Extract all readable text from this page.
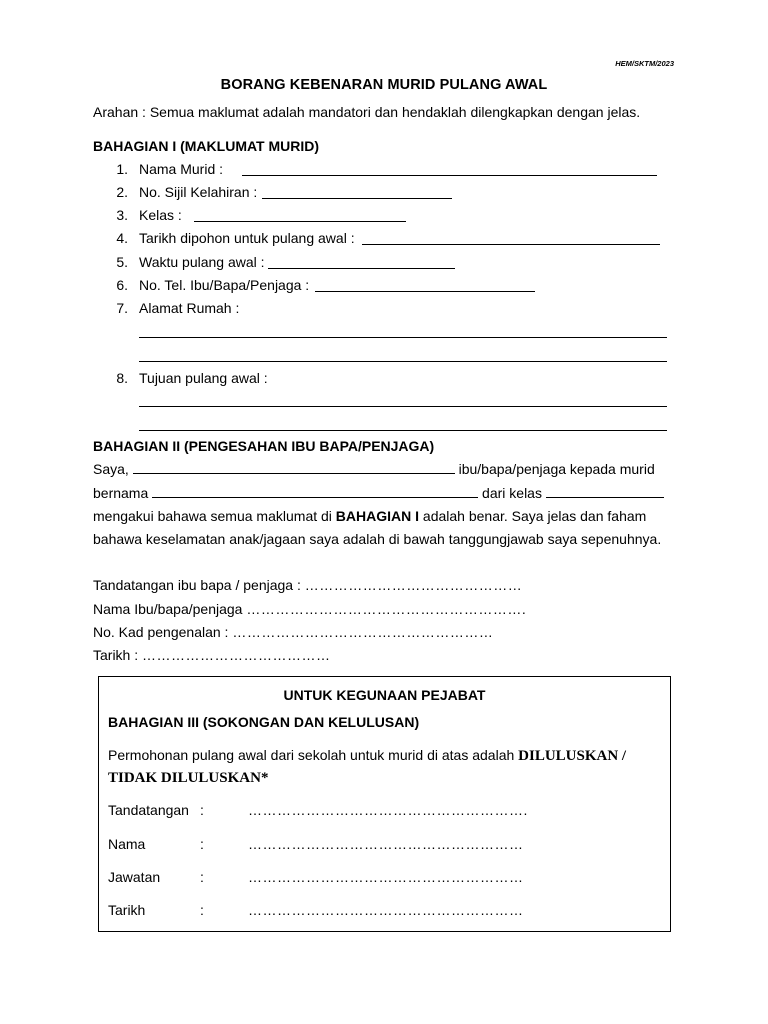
HEM/SKTM/2023
BORANG KEBENARAN MURID PULANG AWAL
Arahan : Semua maklumat adalah mandatori dan hendaklah dilengkapkan dengan jelas.
BAHAGIAN I (MAKLUMAT MURID)
1. Nama Murid :
2. No. Sijil Kelahiran :
3. Kelas :
4. Tarikh dipohon untuk pulang awal :
5. Waktu pulang awal :
6. No. Tel. Ibu/Bapa/Penjaga :
7. Alamat Rumah :
8. Tujuan pulang awal :
BAHAGIAN II (PENGESAHAN IBU BAPA/PENJAGA)
Saya,	ibu/bapa/penjaga kepada murid
bernama	dari kelas
mengakui bahawa semua maklumat di BAHAGIAN I adalah benar. Saya jelas dan faham
bahawa keselamatan anak/jagaan saya adalah di bawah tanggungjawab saya sepenuhnya.
Tandatangan ibu bapa / penjaga : ………………………………………
Nama Ibu/bapa/penjaga ………………………………………………….
No. Kad pengenalan : ………………………………………………
Tarikh : …………………………………
UNTUK KEGUNAAN PEJABAT
BAHAGIAN III (SOKONGAN DAN KELULUSAN)
Permohonan pulang awal dari sekolah untuk murid di atas adalah DILULUSKAN /
TIDAK DILULUSKAN*
Tandatangan :	………………………………………………….
Nama	:	…………………………………………………
Jawatan	:	…………………………………………………
Tarikh	:	…………………………………………………
